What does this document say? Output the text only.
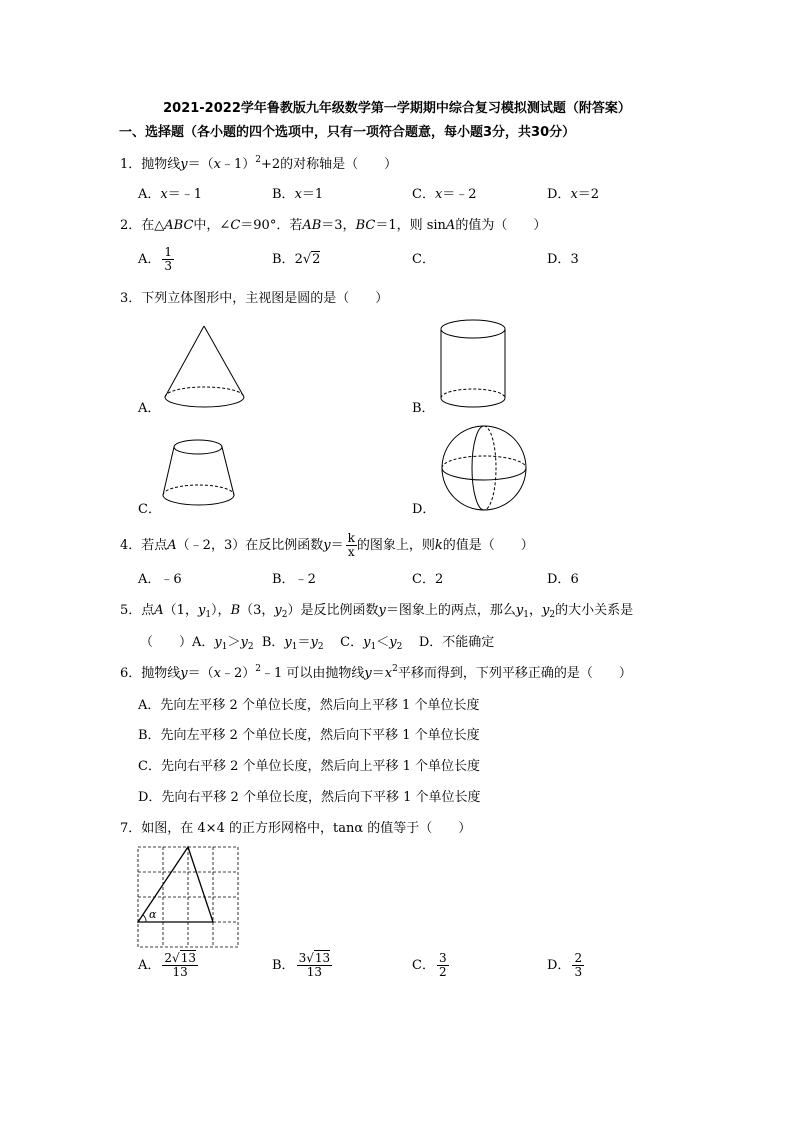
2021-2022学年鲁教版九年级数学第一学期期中综合复习模拟测试题（附答案）
一、选择题（各小题的四个选项中，只有一项符合题意，每小题3分，共30分）
1．抛物线y＝（x﹣1）$^2$+2的对称轴是（　　）
A．x＝﹣1	B．x＝1	C．x＝﹣2	D．x＝2
2．在△ABC中，∠C＝90°．若AB＝3，BC＝1，则 sinA的值为（　　）
A． $\frac{1}{3}$	B．2√2	C．	D．3
3．下列立体图形中，主视图是圆的是（　　）
A．	B．
C．	D．
4．若点A（﹣2，3）在反比例函数$y= \frac{k}{x}$ 的图象上，则k的值是（　　）
A．﹣6	B．﹣2	C．2	D．6
5．点A（1，$y_1$），B（3，$y_2$）是反比例函数y＝图象上的两点，那么$y_1$，$y_2$的大小关系是
（　　）A．$y_1>y_2$ B．$y_1=y_2$ C．$y_1<y_2$ D．不能确定
6．抛物线y＝（x﹣2）$^2$﹣1 可以由抛物线$y=x^2$平移而得到，下列平移正确的是（　　）
A．先向左平移 2 个单位长度，然后向上平移 1 个单位长度
B．先向左平移 2 个单位长度，然后向下平移 1 个单位长度
C．先向右平移 2 个单位长度，然后向上平移 1 个单位长度
D．先向右平移 2 个单位长度，然后向下平移 1 个单位长度
7．如图，在 4×4 的正方形网格中，tanα 的值等于（　　）
α
A． $\frac{2√13}{13}$	B． $\frac{3√13}{13}$	C． $\frac{3}{2}$	D． $\frac{2}{3}$
